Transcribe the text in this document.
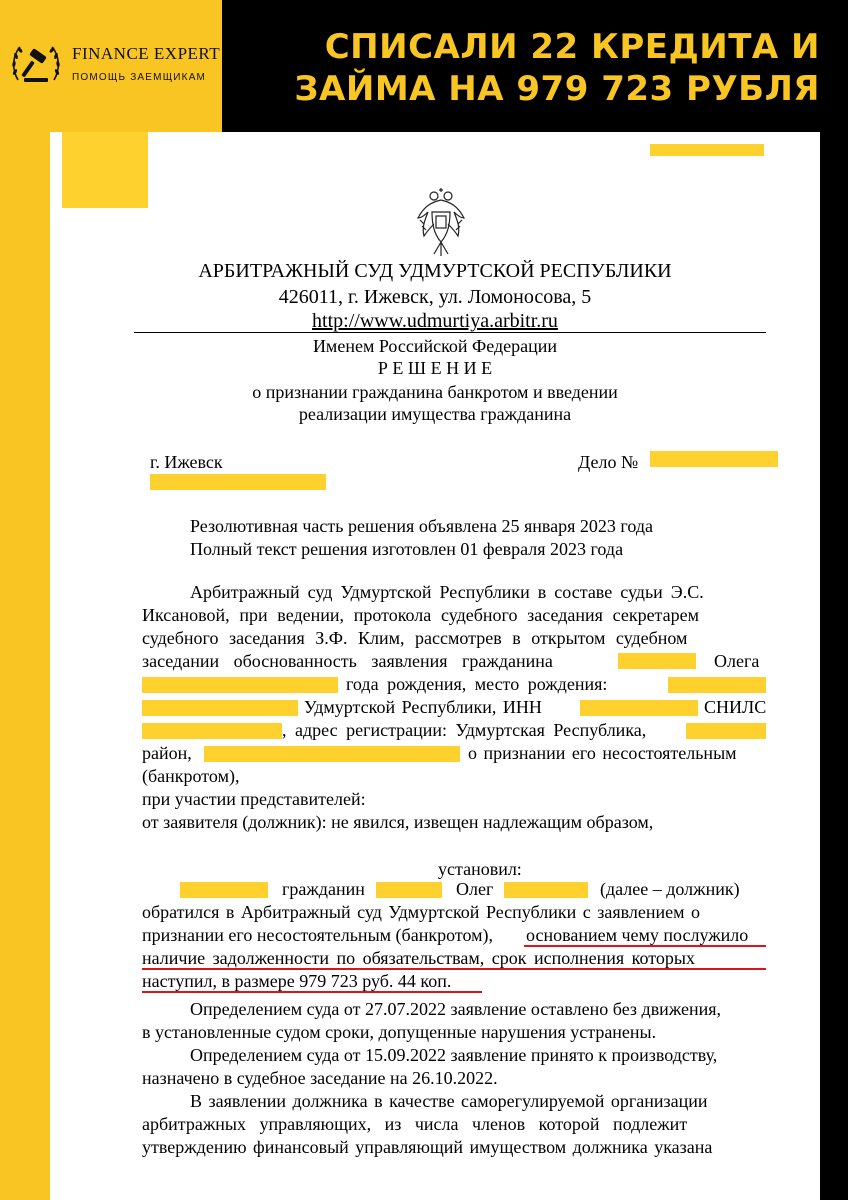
FINANCE EXPERT
ПОМОЩЬ ЗАЕМЩИКАМ
СПИСАЛИ 22 КРЕДИТА И
ЗАЙМА НА 979 723 РУБЛЯ
АРБИТРАЖНЫЙ СУД УДМУРТСКОЙ РЕСПУБЛИКИ
426011, г. Ижевск, ул. Ломоносова, 5
http://www.udmurtiya.arbitr.ru
Именем Российской Федерации
Р Е Ш Е Н И Е
о признании гражданина банкротом и введении
реализации имущества гражданина
г. Ижевск	Дело №
Резолютивная часть решения объявлена 25 января 2023 года
Полный текст решения изготовлен 01 февраля 2023 года
Арбитражный суд Удмуртской Республики в составе судьи Э.С.
Иксановой, при ведении, протокола судебного заседания секретарем
судебного заседания З.Ф. Клим, рассмотрев в открытом судебном
заседании обоснованность заявления гражданина	Олега
года рождения, место рождения:
Удмуртской Республики, ИНН	СНИЛС
, адрес регистрации: Удмуртская Республика,
район,	о признании его несостоятельным
(банкротом),
при участии представителей:
от заявителя (должник): не явился, извещен надлежащим образом,
установил:
гражданин	Олег	(далее – должник)
обратился в Арбитражный суд Удмуртской Республики с заявлением о
признании его несостоятельным (банкротом), основанием чему послужило
наличие задолженности по обязательствам, срок исполнения которых
наступил, в размере 979 723 руб. 44 коп.
Определением суда от 27.07.2022 заявление оставлено без движения,
в установленные судом сроки, допущенные нарушения устранены.
Определением суда от 15.09.2022 заявление принято к производству,
назначено в судебное заседание на 26.10.2022.
В заявлении должника в качестве саморегулируемой организации
арбитражных управляющих, из числа членов которой подлежит
утверждению финансовый управляющий имуществом должника указана
